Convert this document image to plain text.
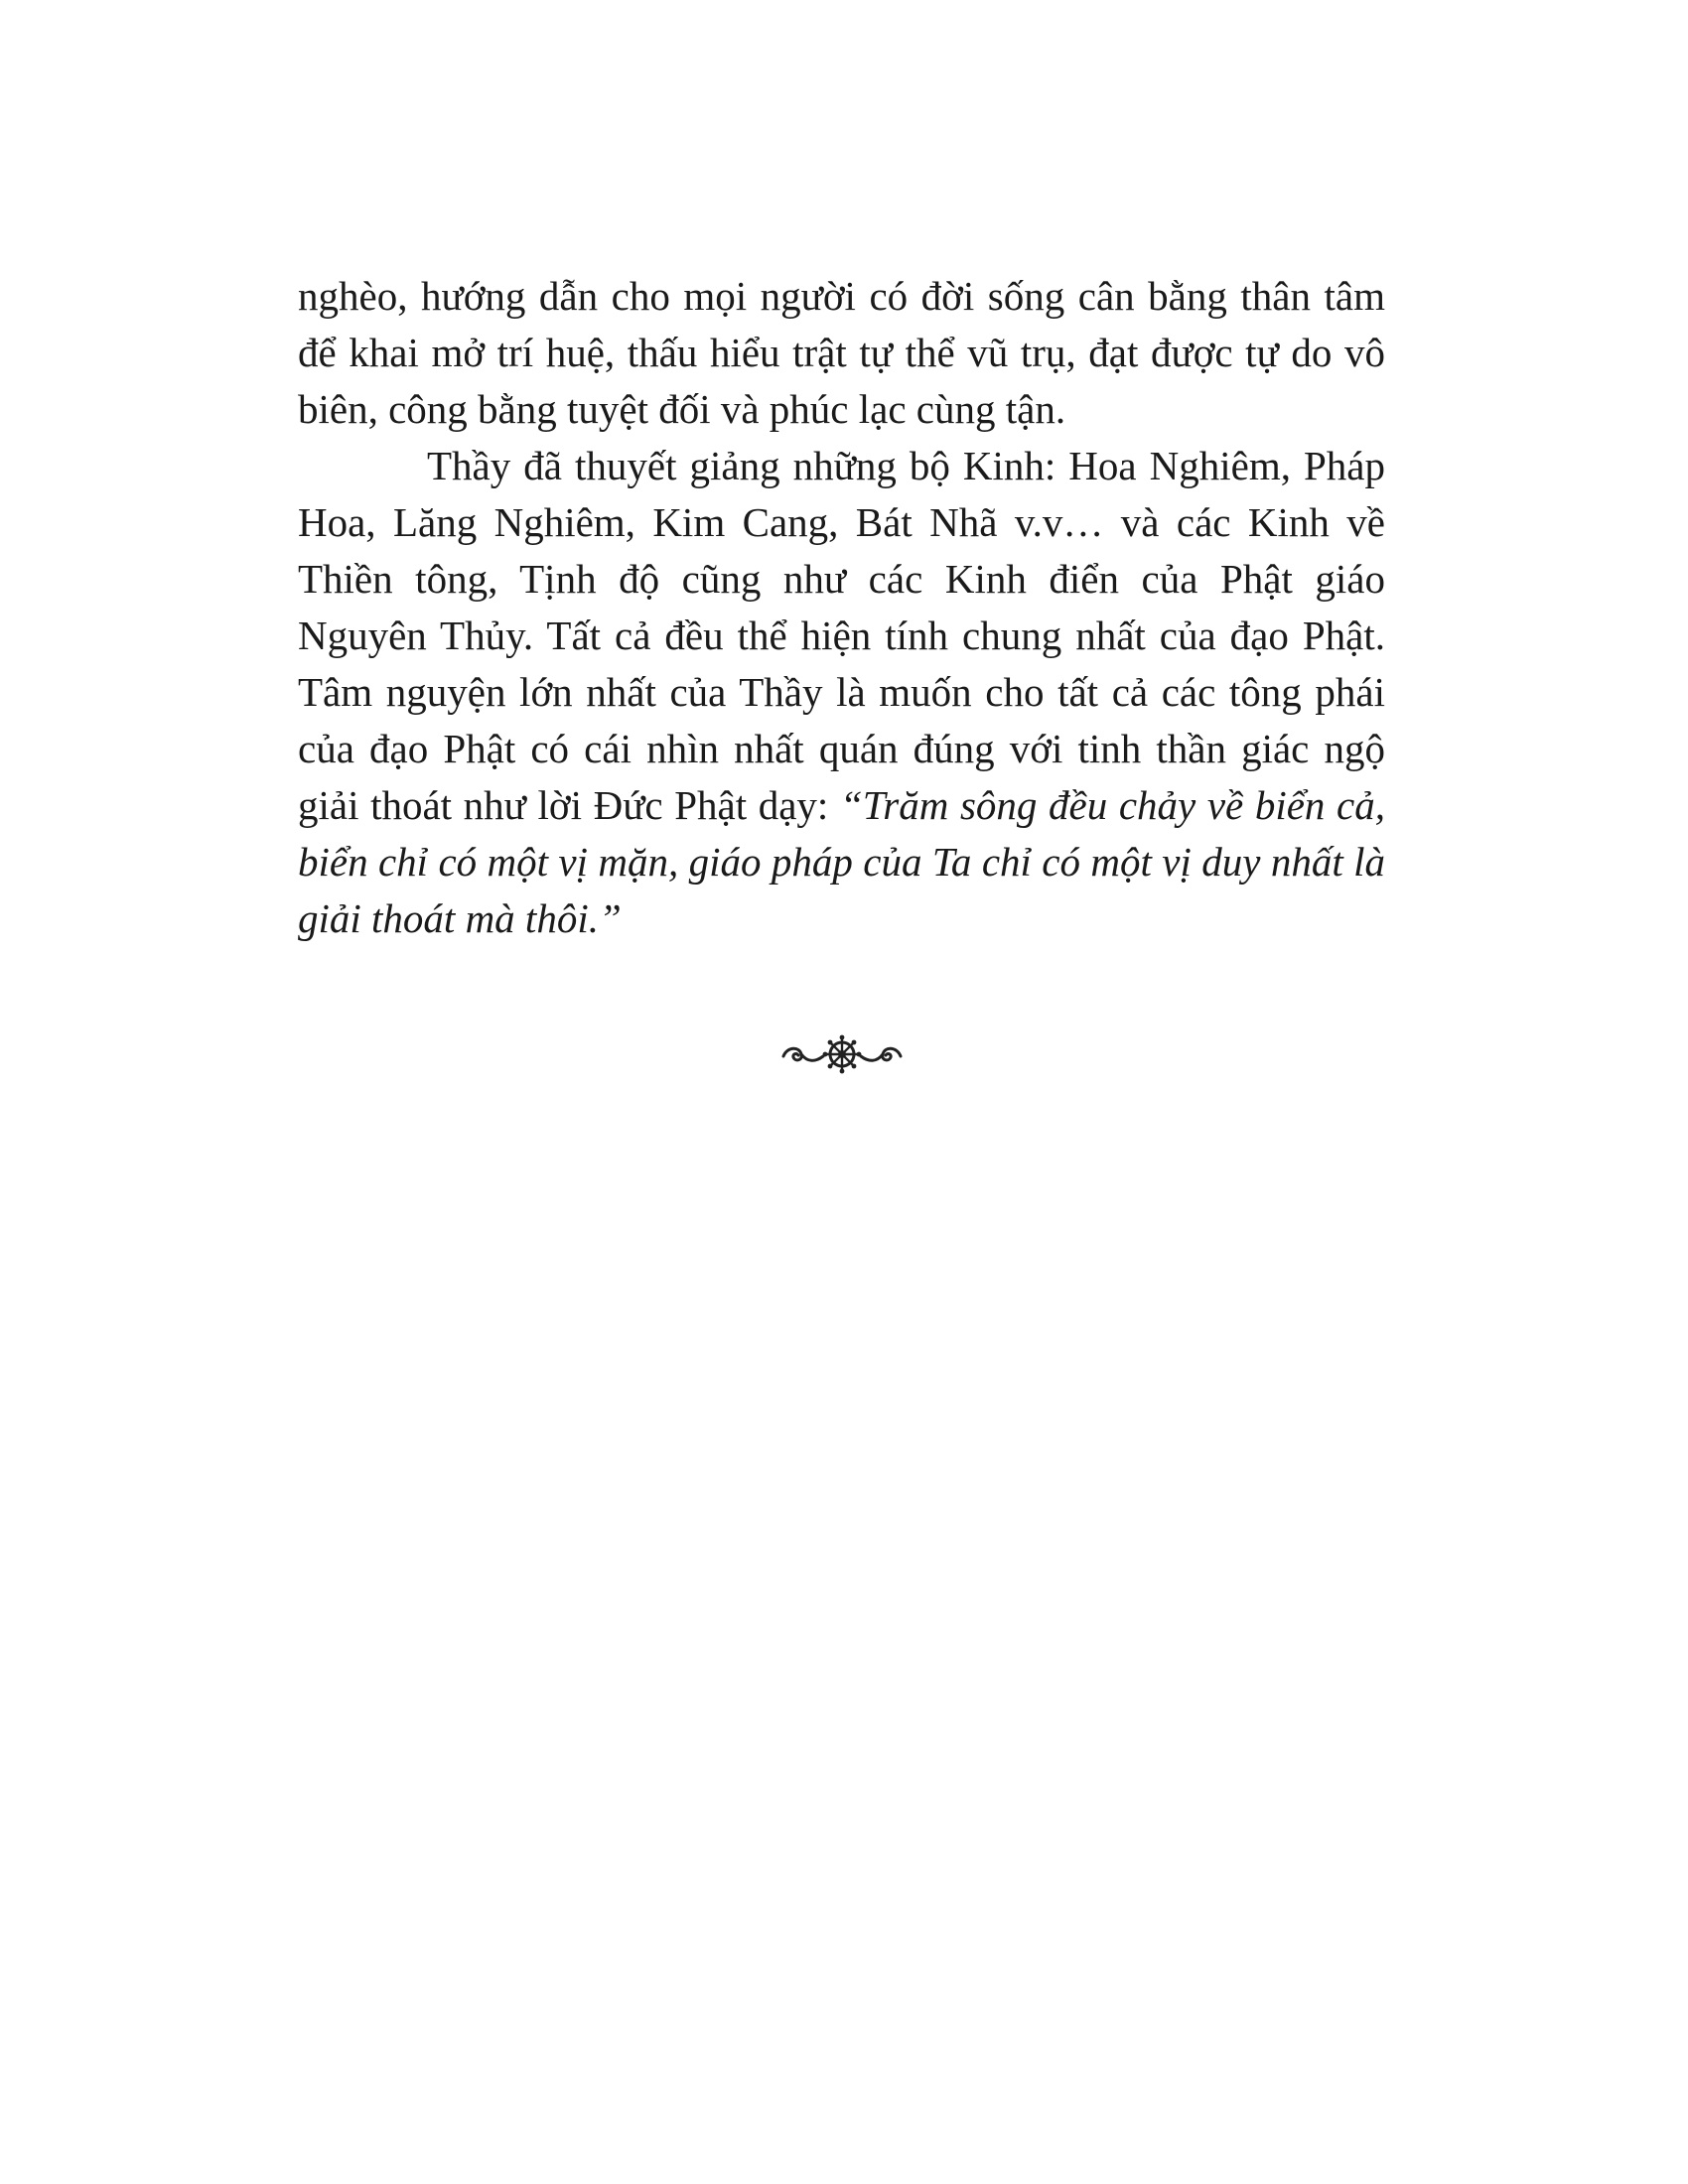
nghèo, hướng dẫn cho mọi người có đời sống cân bằng thân tâm để khai mở trí huệ, thấu hiểu trật tự thể vũ trụ, đạt được tự do vô biên, công bằng tuyệt đối và phúc lạc cùng tận.

Thầy đã thuyết giảng những bộ Kinh: Hoa Nghiêm, Pháp Hoa, Lăng Nghiêm, Kim Cang, Bát Nhã v.v… và các Kinh về Thiền tông, Tịnh độ cũng như các Kinh điển của Phật giáo Nguyên Thủy. Tất cả đều thể hiện tính chung nhất của đạo Phật. Tâm nguyện lớn nhất của Thầy là muốn cho tất cả các tông phái của đạo Phật có cái nhìn nhất quán đúng với tinh thần giác ngộ giải thoát như lời Đức Phật dạy: “Trăm sông đều chảy về biển cả, biển chỉ có một vị mặn, giáo pháp của Ta chỉ có một vị duy nhất là giải thoát mà thôi.”
